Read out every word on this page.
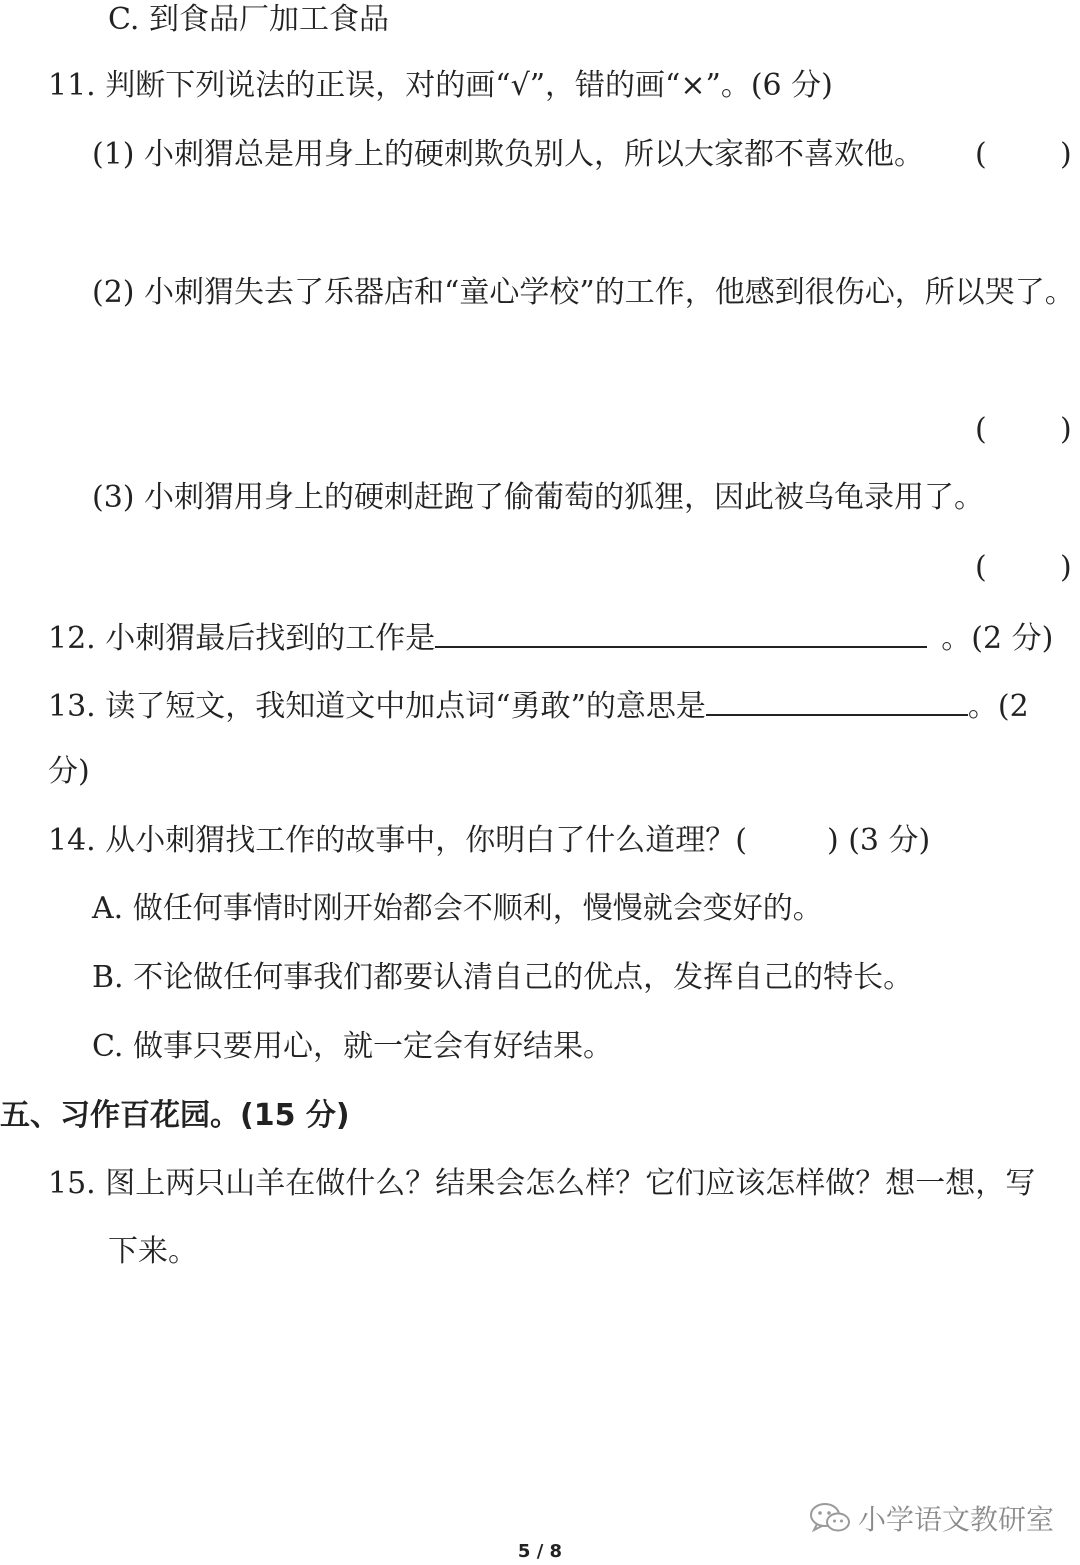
C. 到食品厂加工食品
11. 判断下列说法的正误，对的画“√”，错的画“×”。(6 分)
(1) 小刺猬总是用身上的硬刺欺负别人，所以大家都不喜欢他。 ( )
(2) 小刺猬失去了乐器店和“童心学校”的工作，他感到很伤心，所以哭了。
( )
(3) 小刺猬用身上的硬刺赶跑了偷葡萄的狐狸，因此被乌龟录用了。
( )
12. 小刺猬最后找到的工作是	。(2 分)
13. 读了短文，我知道文中加点词“勇敢”的意思是	。(2
分)
14. 从小刺猬找工作的故事中，你明白了什么道理？(	) (3 分)
A. 做任何事情时刚开始都会不顺利，慢慢就会变好的。
B. 不论做任何事我们都要认清自己的优点，发挥自己的特长。
C. 做事只要用心，就一定会有好结果。
五、习作百花园。(15 分)
15. 图上两只山羊在做什么？结果会怎么样？它们应该怎样做？想一想，写
下来。
小学语文教研室
5 / 8
